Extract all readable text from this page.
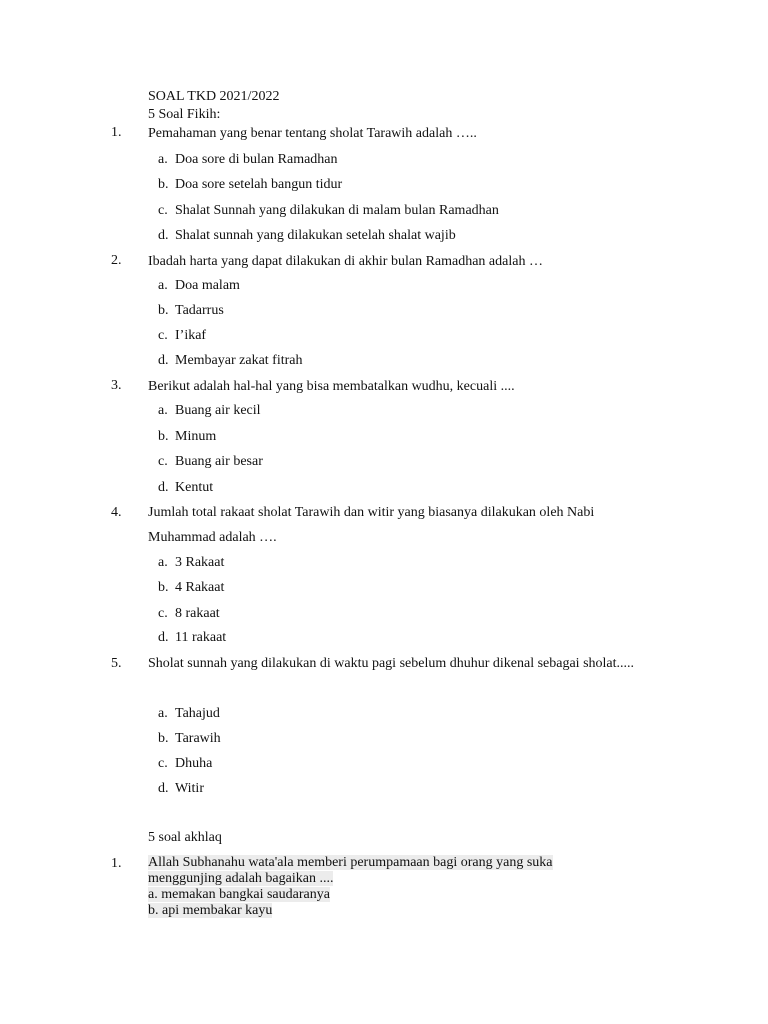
SOAL TKD 2021/2022
5 Soal Fikih:
1. Pemahaman yang benar tentang sholat Tarawih adalah …..
a. Doa sore di bulan Ramadhan
b. Doa sore setelah bangun tidur
c. Shalat Sunnah yang dilakukan di malam bulan Ramadhan
d. Shalat sunnah yang dilakukan setelah shalat wajib
2. Ibadah harta yang dapat dilakukan di akhir bulan Ramadhan adalah …
a. Doa malam
b. Tadarrus
c. I’ikaf
d. Membayar zakat fitrah
3. Berikut adalah hal-hal yang bisa membatalkan wudhu, kecuali ....
a. Buang air kecil
b. Minum
c. Buang air besar
d. Kentut
4. Jumlah total rakaat sholat Tarawih dan witir yang biasanya dilakukan oleh Nabi Muhammad adalah ….
a. 3 Rakaat
b. 4 Rakaat
c. 8 rakaat
d. 11 rakaat
5. Sholat sunnah yang dilakukan di waktu pagi sebelum dhuhur dikenal sebagai sholat.....
a. Tahajud
b. Tarawih
c. Dhuha
d. Witir
5 soal akhlaq
1. Allah Subhanahu wata'ala memberi perumpamaan bagi orang yang suka
menggunjing adalah bagaikan ....
a. memakan bangkai saudaranya
b. api membakar kayu
